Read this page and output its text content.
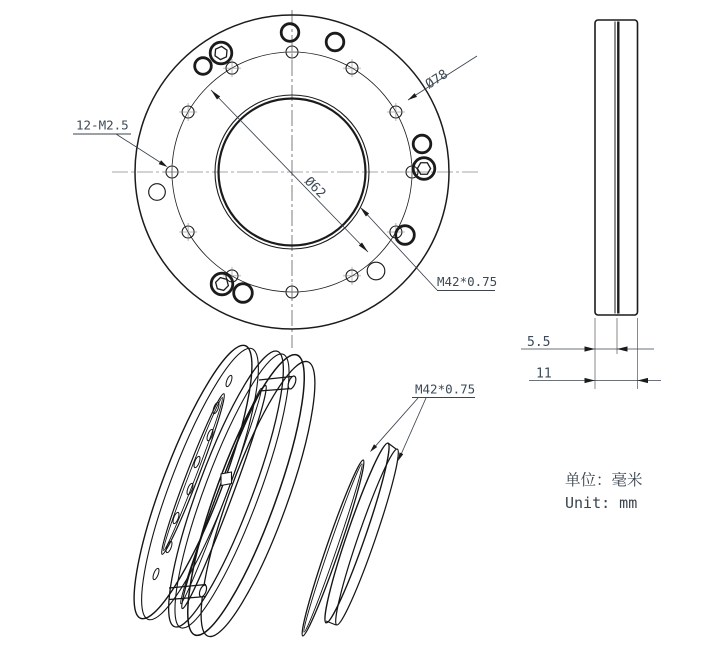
12-M2.5
Ø78
Ø62
M42*0.75
5.5
11
M42*0.75
单位：毫米
Unit: mm
